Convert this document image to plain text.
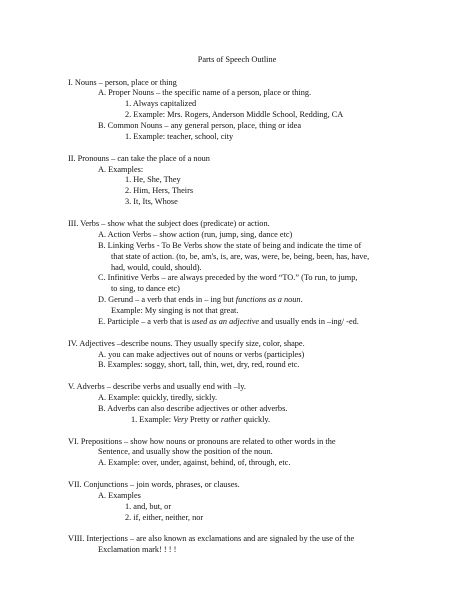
Parts of Speech Outline
I. Nouns – person, place or thing
A. Proper Nouns – the specific name of a person, place or thing.
1. Always capitalized
2. Example: Mrs. Rogers, Anderson Middle School, Redding, CA
B. Common Nouns – any general person, place, thing or idea
1. Example: teacher, school, city
II. Pronouns – can take the place of a noun
A. Examples:
1. He, She, They
2. Him, Hers, Theirs
3. It, Its, Whose
III. Verbs – show what the subject does (predicate) or action.
A. Action Verbs – show action (run, jump, sing, dance etc)
B. Linking Verbs - To Be Verbs show the state of being and indicate the time of
that state of action. (to, be, am's, is, are, was, were, be, being, been, has, have,
had, would, could, should).
C. Infinitive Verbs – are always preceded by the word “TO.” (To run, to jump,
to sing, to dance etc)
D. Gerund – a verb that ends in – ing but functions as a noun.
Example: My singing is not that great.
E. Participle – a verb that is used as an adjective and usually ends in –ing/ -ed.
IV. Adjectives –describe nouns. They usually specify size, color, shape.
A. you can make adjectives out of nouns or verbs (participles)
B. Examples: soggy, short, tall, thin, wet, dry, red, round etc.
V. Adverbs – describe verbs and usually end with –ly.
A. Example: quickly, tiredly, sickly.
B. Adverbs can also describe adjectives or other adverbs.
1. Example: Very Pretty or rather quickly.
VI. Prepositions – show how nouns or pronouns are related to other words in the
Sentence, and usually show the position of the noun.
A. Example: over, under, against, behind, of, through, etc.
VII. Conjunctions – join words, phrases, or clauses.
A. Examples
1. and, but, or
2. if, either, neither, nor
VIII. Interjections – are also known as exclamations and are signaled by the use of the
Exclamation mark! ! ! !
